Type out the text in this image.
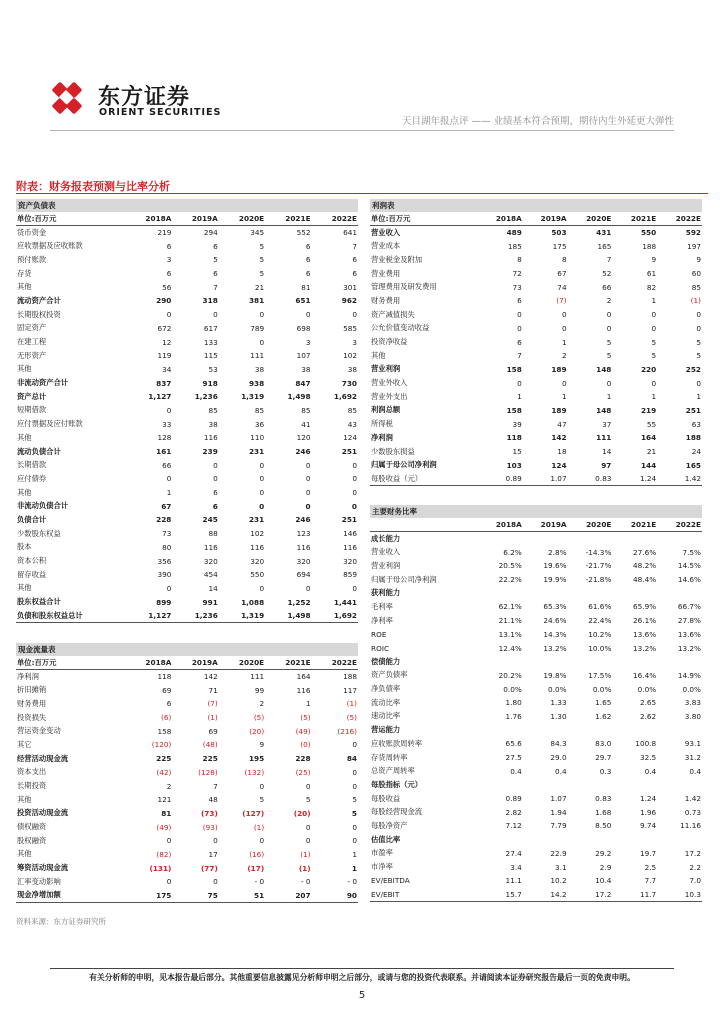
东方证券
ORIENT SECURITIES
天目湖年报点评 —— 业绩基本符合预期，期待内生外延更大弹性
附表：财务报表预测与比率分析
资产负债表
单位:百万元	2018A	2019A	2020E	2021E	2022E
货币资金	219	294	345	552	641
应收票据及应收账款	6	6	5	6	7
预付账款	3	5	5	6	6
存货	6	6	5	6	6
其他	56	7	21	81	301
流动资产合计	290	318	381	651	962
长期股权投资	0	0	0	0	0
固定资产	672	617	789	698	585
在建工程	12	133	0	3	3
无形资产	119	115	111	107	102
其他	34	53	38	38	38
非流动资产合计	837	918	938	847	730
资产总计	1,127	1,236	1,319	1,498	1,692
短期借款	0	85	85	85	85
应付票据及应付账款	33	38	36	41	43
其他	128	116	110	120	124
流动负债合计	161	239	231	246	251
长期借款	66	0	0	0	0
应付债券	0	0	0	0	0
其他	1	6	0	0	0
非流动负债合计	67	6	0	0	0
负债合计	228	245	231	246	251
少数股东权益	73	88	102	123	146
股本	80	116	116	116	116
资本公积	356	320	320	320	320
留存收益	390	454	550	694	859
其他	0	14	0	0	0
股东权益合计	899	991	1,088	1,252	1,441
负债和股东权益总计	1,127	1,236	1,319	1,498	1,692
现金流量表
单位:百万元	2018A	2019A	2020E	2021E	2022E
净利润	118	142	111	164	188
折旧摊销	69	71	99	116	117
财务费用	6	(7)	2	1	(1)
投资损失	(6)	(1)	(5)	(5)	(5)
营运资金变动	158	69	(20)	(49)	(216)
其它	(120)	(48)	9	(0)	0
经营活动现金流	225	225	195	228	84
资本支出	(42)	(128)	(132)	(25)	0
长期投资	2	7	0	0	0
其他	121	48	5	5	5
投资活动现金流	81	(73)	(127)	(20)	5
债权融资	(49)	(93)	(1)	0	0
股权融资	0	0	0	0	0
其他	(82)	17	(16)	(1)	1
筹资活动现金流	(131)	(77)	(17)	(1)	1
汇率变动影响	0	0	- 0	- 0	- 0
现金净增加额	175	75	51	207	90
利润表
单位:百万元	2018A	2019A	2020E	2021E	2022E
营业收入	489	503	431	550	592
营业成本	185	175	165	188	197
营业税金及附加	8	8	7	9	9
营业费用	72	67	52	61	60
管理费用及研发费用	73	74	66	82	85
财务费用	6	(7)	2	1	(1)
资产减值损失	0	0	0	0	0
公允价值变动收益	0	0	0	0	0
投资净收益	6	1	5	5	5
其他	7	2	5	5	5
营业利润	158	189	148	220	252
营业外收入	0	0	0	0	0
营业外支出	1	1	1	1	1
利润总额	158	189	148	219	251
所得税	39	47	37	55	63
净利润	118	142	111	164	188
少数股东损益	15	18	14	21	24
归属于母公司净利润	103	124	97	144	165
每股收益（元）	0.89	1.07	0.83	1.24	1.42
主要财务比率
	2018A	2019A	2020E	2021E	2022E
成长能力					
营业收入	6.2%	2.8%	-14.3%	27.6%	7.5%
营业利润	20.5%	19.6%	-21.7%	48.2%	14.5%
归属于母公司净利润	22.2%	19.9%	-21.8%	48.4%	14.6%
获利能力					
毛利率	62.1%	65.3%	61.6%	65.9%	66.7%
净利率	21.1%	24.6%	22.4%	26.1%	27.8%
ROE	13.1%	14.3%	10.2%	13.6%	13.6%
ROIC	12.4%	13.2%	10.0%	13.2%	13.2%
偿债能力					
资产负债率	20.2%	19.8%	17.5%	16.4%	14.9%
净负债率	0.0%	0.0%	0.0%	0.0%	0.0%
流动比率	1.80	1.33	1.65	2.65	3.83
速动比率	1.76	1.30	1.62	2.62	3.80
营运能力					
应收账款周转率	65.6	84.3	83.0	100.8	93.1
存货周转率	27.5	29.0	29.7	32.5	31.2
总资产周转率	0.4	0.4	0.3	0.4	0.4
每股指标（元）					
每股收益	0.89	1.07	0.83	1.24	1.42
每股经营现金流	2.82	1.94	1.68	1.96	0.73
每股净资产	7.12	7.79	8.50	9.74	11.16
估值比率					
市盈率	27.4	22.9	29.2	19.7	17.2
市净率	3.4	3.1	2.9	2.5	2.2
EV/EBITDA	11.1	10.2	10.4	7.7	7.0
EV/EBIT	15.7	14.2	17.2	11.7	10.3
资料来源：东方证券研究所
有关分析师的申明，见本报告最后部分。其他重要信息披露见分析师申明之后部分，或请与您的投资代表联系。并请阅读本证券研究报告最后一页的免责申明。
5
